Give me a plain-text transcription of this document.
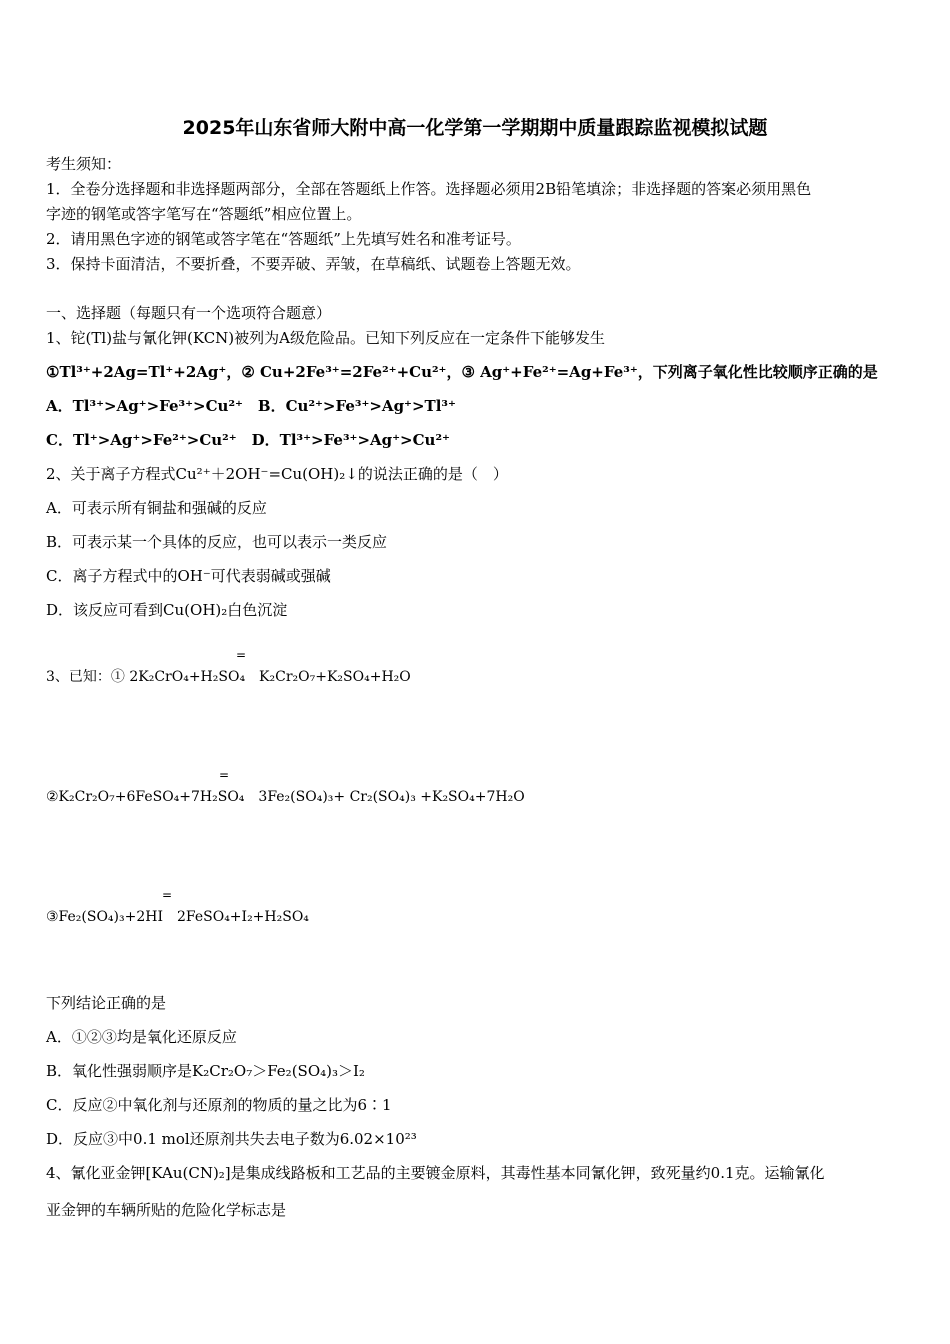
2025年山东省师大附中高一化学第一学期期中质量跟踪监视模拟试题
考生须知：
1．全卷分选择题和非选择题两部分，全部在答题纸上作答。选择题必须用2B铅笔填涂；非选择题的答案必须用黑色
字迹的钢笔或答字笔写在“答题纸”相应位置上。
2．请用黑色字迹的钢笔或答字笔在“答题纸”上先填写姓名和准考证号。
3．保持卡面清洁，不要折叠，不要弄破、弄皱，在草稿纸、试题卷上答题无效。
一、选择题（每题只有一个选项符合题意）
1、铊(Tl)盐与氰化钾(KCN)被列为A级危险品。已知下列反应在一定条件下能够发生
①Tl³⁺+2Ag=Tl⁺+2Ag⁺，② Cu+2Fe³⁺=2Fe²⁺+Cu²⁺，③ Ag⁺+Fe²⁺=Ag+Fe³⁺，下列离子氧化性比较顺序正确的是
A．Tl³⁺>Ag⁺>Fe³⁺>Cu²⁺　B．Cu²⁺>Fe³⁺>Ag⁺>Tl³⁺
C．Tl⁺>Ag⁺>Fe²⁺>Cu²⁺　D．Tl³⁺>Fe³⁺>Ag⁺>Cu²⁺
2、关于离子方程式Cu²⁺＋2OH⁻=Cu(OH)₂↓的说法正确的是（　）
A．可表示所有铜盐和强碱的反应
B．可表示某一个具体的反应，也可以表示一类反应
C．离子方程式中的OH⁻可代表弱碱或强碱
D．该反应可看到Cu(OH)₂白色沉淀
=
3、已知：① 2K₂CrO₄+H₂SO₄　K₂Cr₂O₇+K₂SO₄+H₂O
=
②K₂Cr₂O₇+6FeSO₄+7H₂SO₄　3Fe₂(SO₄)₃+ Cr₂(SO₄)₃ +K₂SO₄+7H₂O
=
③Fe₂(SO₄)₃+2HI　2FeSO₄+I₂+H₂SO₄
下列结论正确的是
A．①②③均是氧化还原反应
B．氧化性强弱顺序是K₂Cr₂O₇＞Fe₂(SO₄)₃＞I₂
C．反应②中氧化剂与还原剂的物质的量之比为6∶1
D．反应③中0.1 mol还原剂共失去电子数为6.02×10²³
4、氰化亚金钾[KAu(CN)₂]是集成线路板和工艺品的主要镀金原料，其毒性基本同氰化钾，致死量约0.1克。运输氰化
亚金钾的车辆所贴的危险化学标志是
